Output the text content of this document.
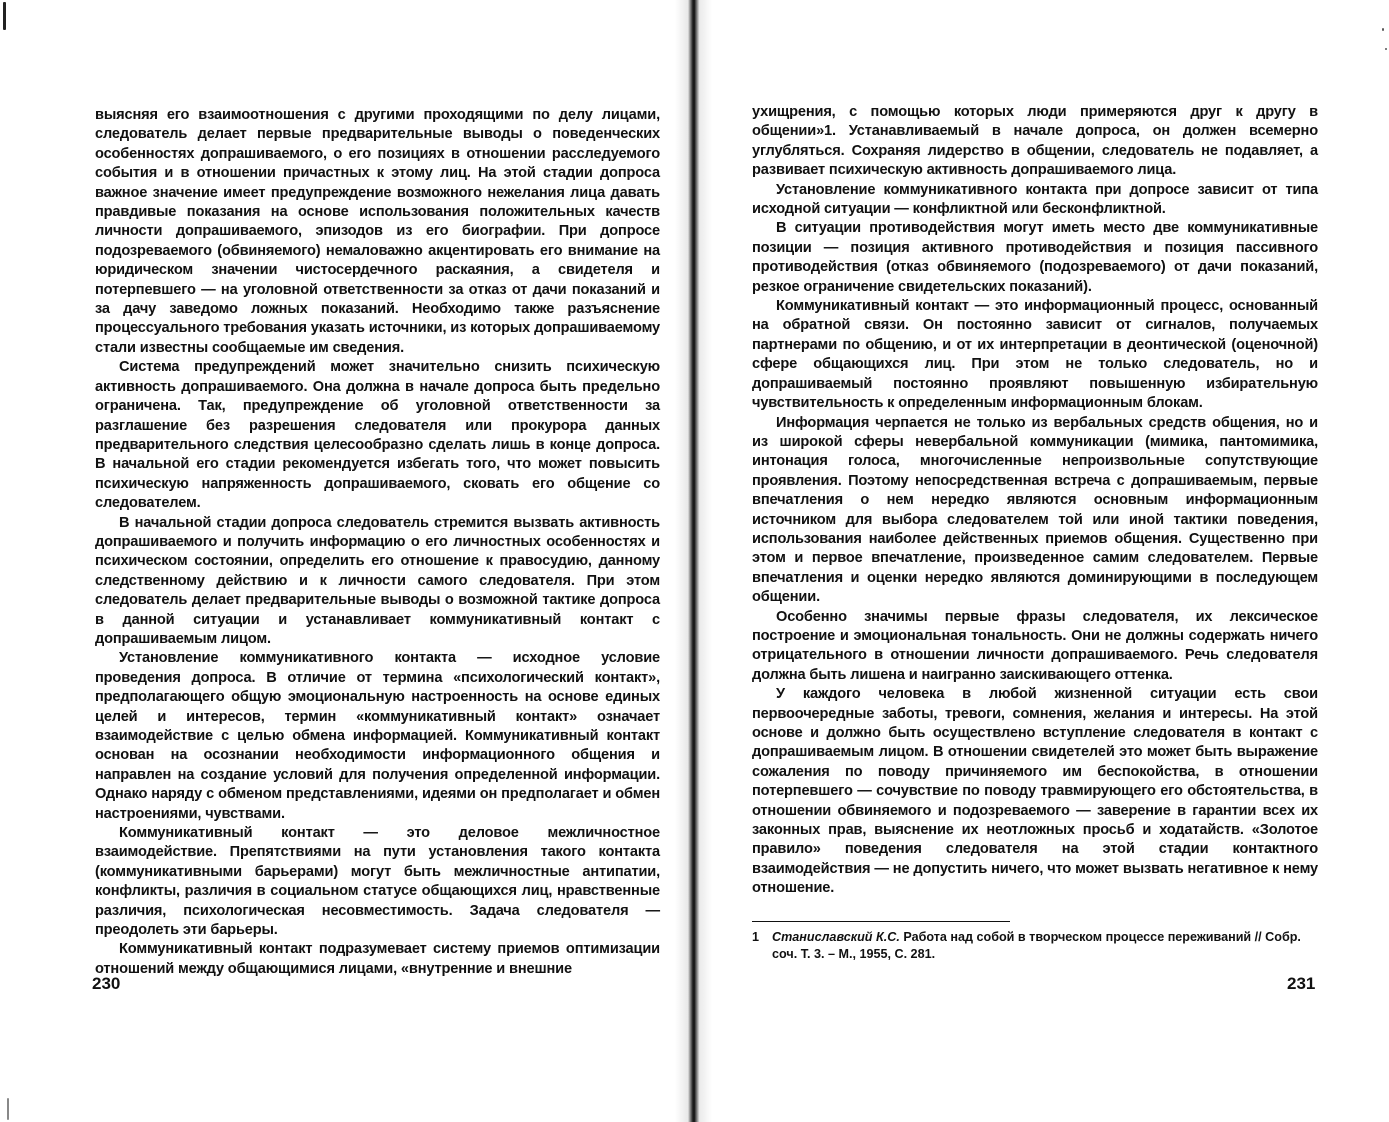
выясняя его взаимоотношения с другими проходящими по делу лицами, следователь делает первые предварительные выводы о поведенческих особенностях допрашиваемого, о его позициях в отношении расследуемого события и в отношении причастных к этому лиц. На этой стадии допроса важное значение имеет предупреждение возможного нежелания лица давать правдивые показания на основе использования положительных качеств личности допрашиваемого, эпизодов из его биографии. При допросе подозреваемого (обвиняемого) немаловажно акцентировать его внимание на юридическом значении чистосердечного раскаяния, а свидетеля и потерпевшего — на уголовной ответственности за отказ от дачи показаний и за дачу заведомо ложных показаний. Необходимо также разъяснение процессуального требования указать источники, из которых допрашиваемому стали известны сообщаемые им сведения.

Система предупреждений может значительно снизить психическую активность допрашиваемого. Она должна в начале допроса быть предельно ограничена. Так, предупреждение об уголовной ответственности за разглашение без разрешения следователя или прокурора данных предварительного следствия целесообразно сделать лишь в конце допроса. В начальной его стадии рекомендуется избегать того, что может повысить психическую напряженность допрашиваемого, сковать его общение со следователем.

В начальной стадии допроса следователь стремится вызвать активность допрашиваемого и получить информацию о его личностных особенностях и психическом состоянии, определить его отношение к правосудию, данному следственному действию и к личности самого следователя. При этом следователь делает предварительные выводы о возможной тактике допроса в данной ситуации и устанавливает коммуникативный контакт с допрашиваемым лицом.

Установление коммуникативного контакта — исходное условие проведения допроса. В отличие от термина «психологический контакт», предполагающего общую эмоциональную настроенность на основе единых целей и интересов, термин «коммуникативный контакт» означает взаимодействие с целью обмена информацией. Коммуникативный контакт основан на осознании необходимости информационного общения и направлен на создание условий для получения определенной информации. Однако наряду с обменом представлениями, идеями он предполагает и обмен настроениями, чувствами.

Коммуникативный контакт — это деловое межличностное взаимодействие. Препятствиями на пути установления такого контакта (коммуникативными барьерами) могут быть межличностные антипатии, конфликты, различия в социальном статусе общающихся лиц, нравственные различия, психологическая несовместимость. Задача следователя — преодолеть эти барьеры.

Коммуникативный контакт подразумевает систему приемов оптимизации отношений между общающимися лицами, «внутренние и внешние

230

ухищрения, с помощью которых люди примеряются друг к другу в общении»1. Устанавливаемый в начале допроса, он должен всемерно углубляться. Сохраняя лидерство в общении, следователь не подавляет, а развивает психическую активность допрашиваемого лица.

Установление коммуникативного контакта при допросе зависит от типа исходной ситуации — конфликтной или бесконфликтной.

В ситуации противодействия могут иметь место две коммуникативные позиции — позиция активного противодействия и позиция пассивного противодействия (отказ обвиняемого (подозреваемого) от дачи показаний, резкое ограничение свидетельских показаний).

Коммуникативный контакт — это информационный процесс, основанный на обратной связи. Он постоянно зависит от сигналов, получаемых партнерами по общению, и от их интерпретации в деонтической (оценочной) сфере общающихся лиц. При этом не только следователь, но и допрашиваемый постоянно проявляют повышенную избирательную чувствительность к определенным информационным блокам.

Информация черпается не только из вербальных средств общения, но и из широкой сферы невербальной коммуникации (мимика, пантомимика, интонация голоса, многочисленные непроизвольные сопутствующие проявления. Поэтому непосредственная встреча с допрашиваемым, первые впечатления о нем нередко являются основным информационным источником для выбора следователем той или иной тактики поведения, использования наиболее действенных приемов общения. Существенно при этом и первое впечатление, произведенное самим следователем. Первые впечатления и оценки нередко являются доминирующими в последующем общении.

Особенно значимы первые фразы следователя, их лексическое построение и эмоциональная тональность. Они не должны содержать ничего отрицательного в отношении личности допрашиваемого. Речь следователя должна быть лишена и наигранно заискивающего оттенка.

У каждого человека в любой жизненной ситуации есть свои первоочередные заботы, тревоги, сомнения, желания и интересы. На этой основе и должно быть осуществлено вступление следователя в контакт с допрашиваемым лицом. В отношении свидетелей это может быть выражение сожаления по поводу причиняемого им беспокойства, в отношении потерпевшего — сочувствие по поводу травмирующего его обстоятельства, в отношении обвиняемого и подозреваемого — заверение в гарантии всех их законных прав, выяснение их неотложных просьб и ходатайств. «Золотое правило» поведения следователя на этой стадии контактного взаимодействия — не допустить ничего, что может вызвать негативное к нему отношение.

1	Станиславский К.С. Работа над собой в творческом процессе переживаний // Собр. соч. Т. 3. – М., 1955, С. 281.
231
